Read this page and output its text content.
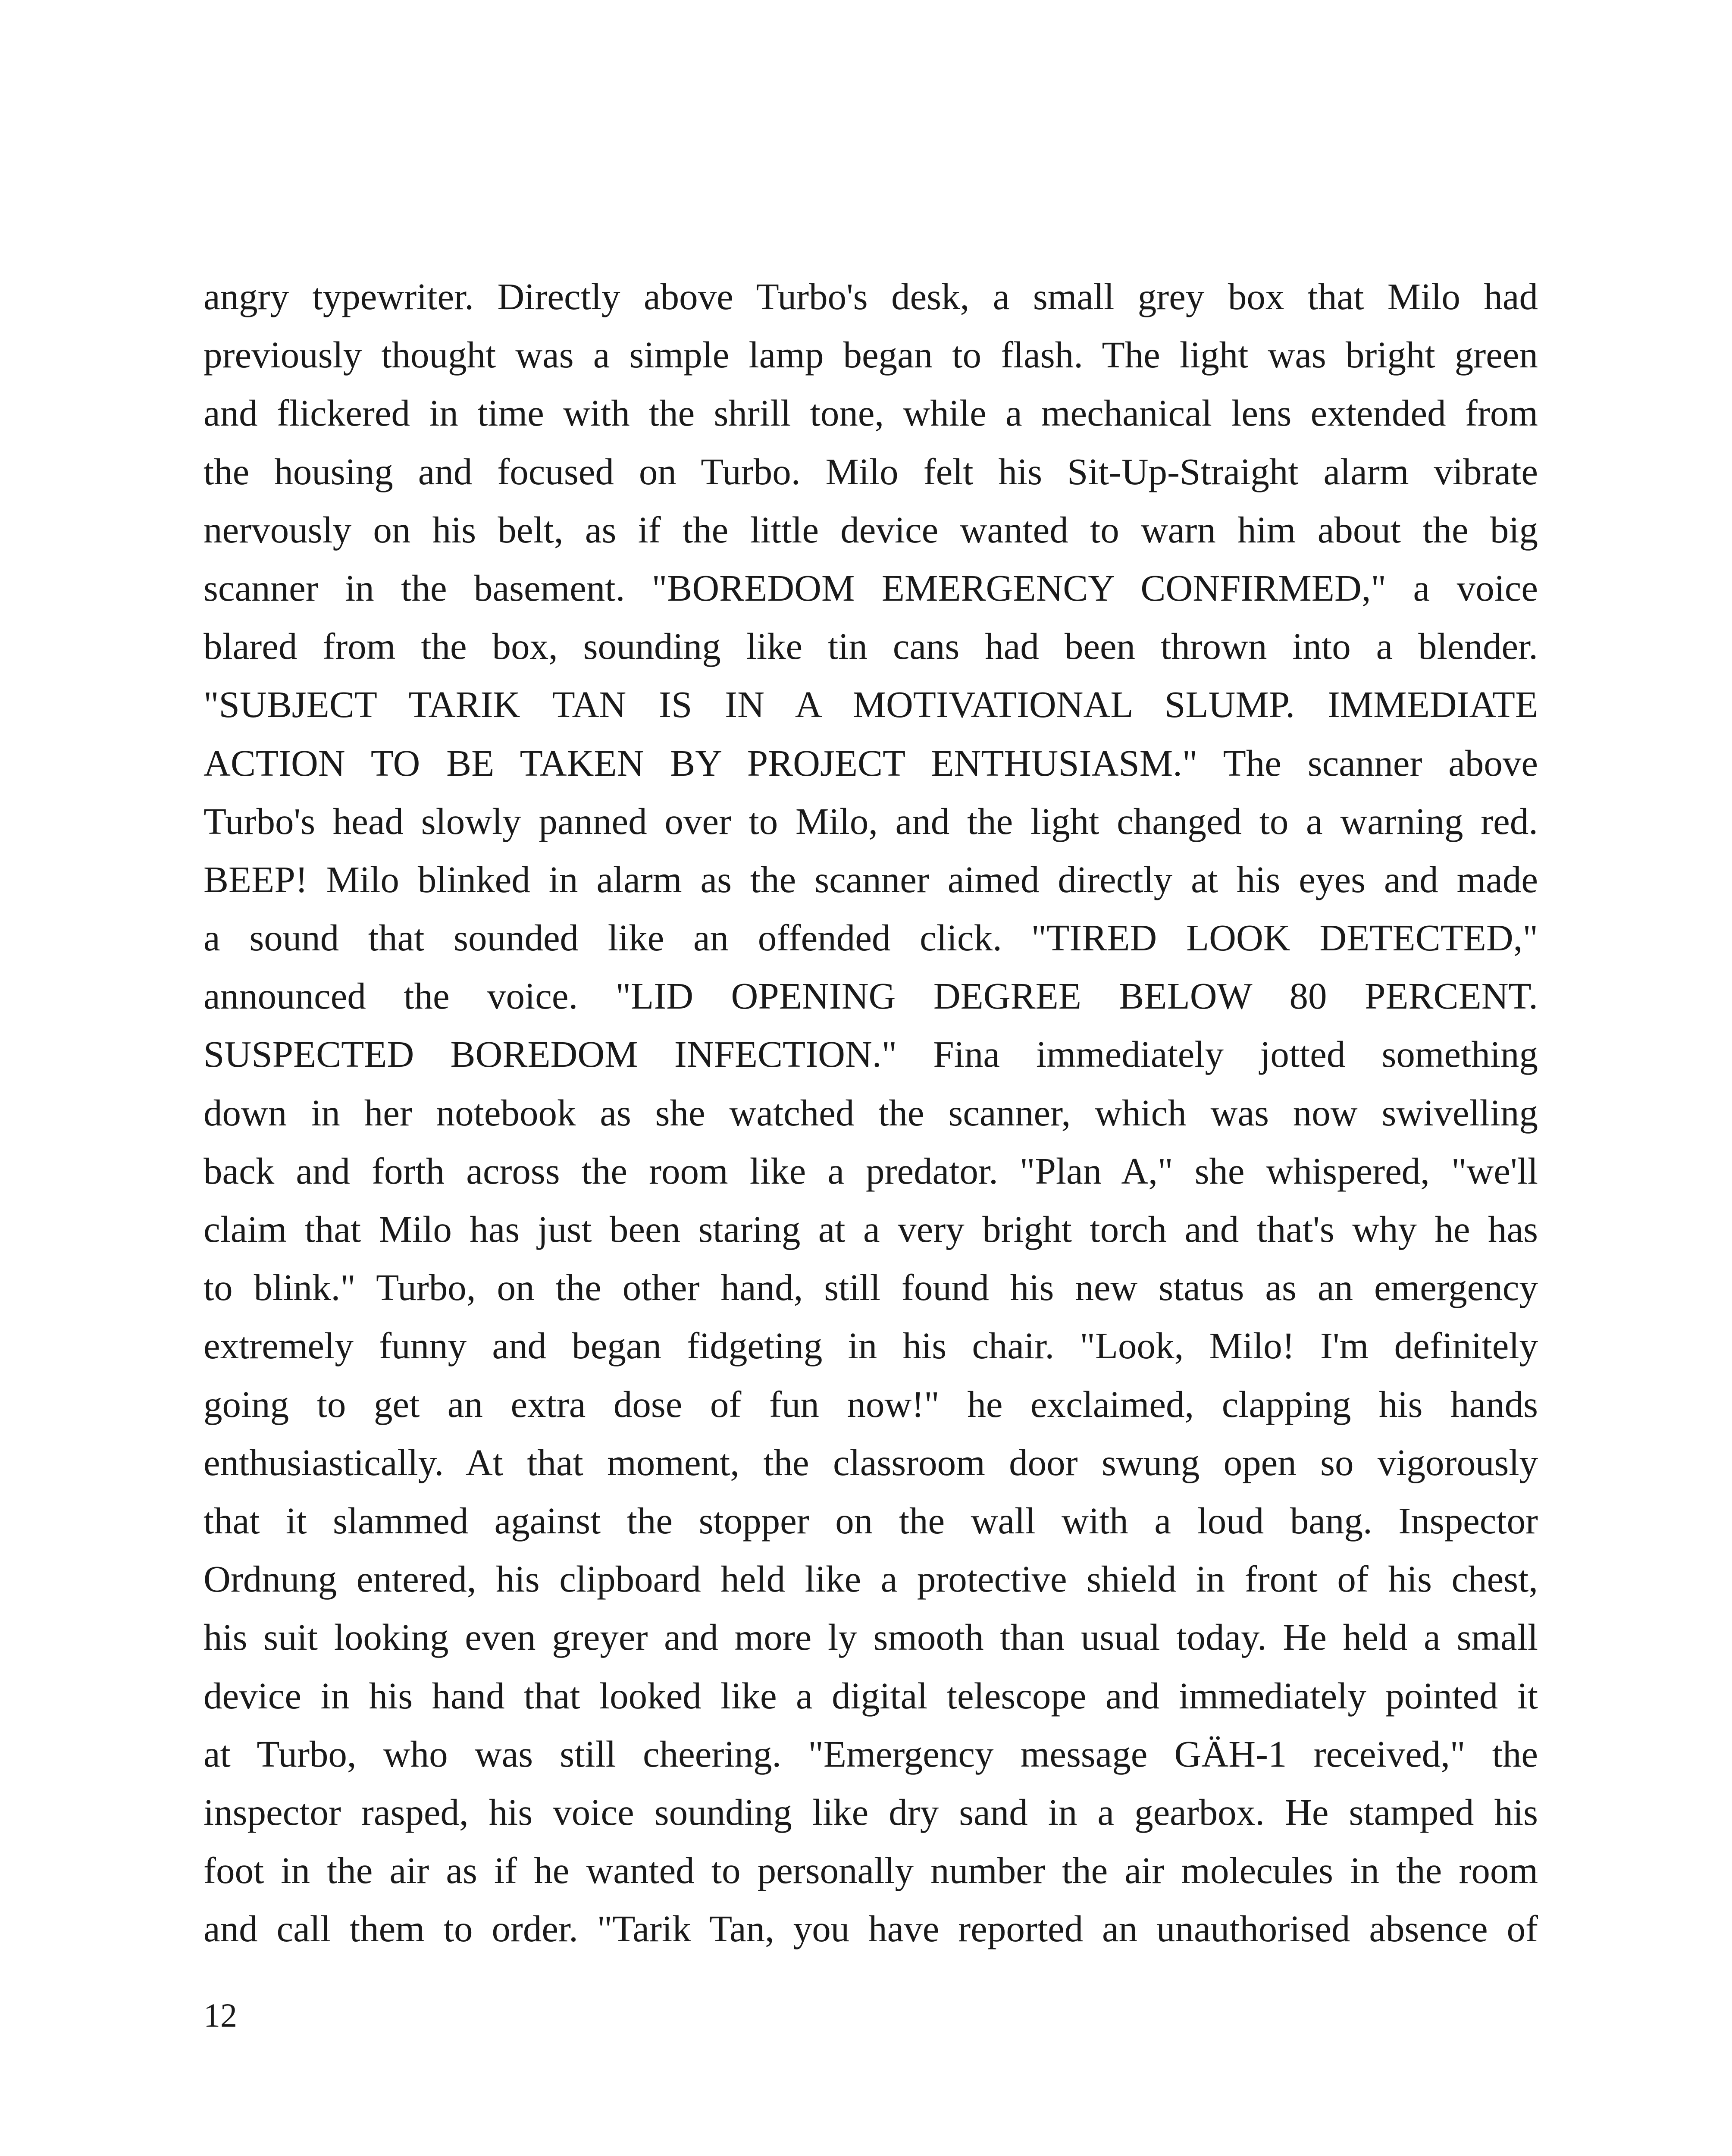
angry typewriter. Directly above Turbo's desk, a small grey box that Milo had
previously thought was a simple lamp began to flash. The light was bright green
and flickered in time with the shrill tone, while a mechanical lens extended from
the housing and focused on Turbo. Milo felt his Sit-Up-Straight alarm vibrate
nervously on his belt, as if the little device wanted to warn him about the big
scanner in the basement. "BOREDOM EMERGENCY CONFIRMED," a voice
blared from the box, sounding like tin cans had been thrown into a blender.
"SUBJECT TARIK TAN IS IN A MOTIVATIONAL SLUMP. IMMEDIATE
ACTION TO BE TAKEN BY PROJECT ENTHUSIASM." The scanner above
Turbo's head slowly panned over to Milo, and the light changed to a warning red.
BEEP! Milo blinked in alarm as the scanner aimed directly at his eyes and made
a sound that sounded like an offended click. "TIRED LOOK DETECTED,"
announced the voice. "LID OPENING DEGREE BELOW 80 PERCENT.
SUSPECTED BOREDOM INFECTION." Fina immediately jotted something
down in her notebook as she watched the scanner, which was now swivelling
back and forth across the room like a predator. "Plan A," she whispered, "we'll
claim that Milo has just been staring at a very bright torch and that's why he has
to blink." Turbo, on the other hand, still found his new status as an emergency
extremely funny and began fidgeting in his chair. "Look, Milo! I'm definitely
going to get an extra dose of fun now!" he exclaimed, clapping his hands
enthusiastically. At that moment, the classroom door swung open so vigorously
that it slammed against the stopper on the wall with a loud bang. Inspector
Ordnung entered, his clipboard held like a protective shield in front of his chest,
his suit looking even greyer and more ly smooth than usual today. He held a small
device in his hand that looked like a digital telescope and immediately pointed it
at Turbo, who was still cheering. "Emergency message GÄH-1 received," the
inspector rasped, his voice sounding like dry sand in a gearbox. He stamped his
foot in the air as if he wanted to personally number the air molecules in the room
and call them to order. "Tarik Tan, you have reported an unauthorised absence of
12
